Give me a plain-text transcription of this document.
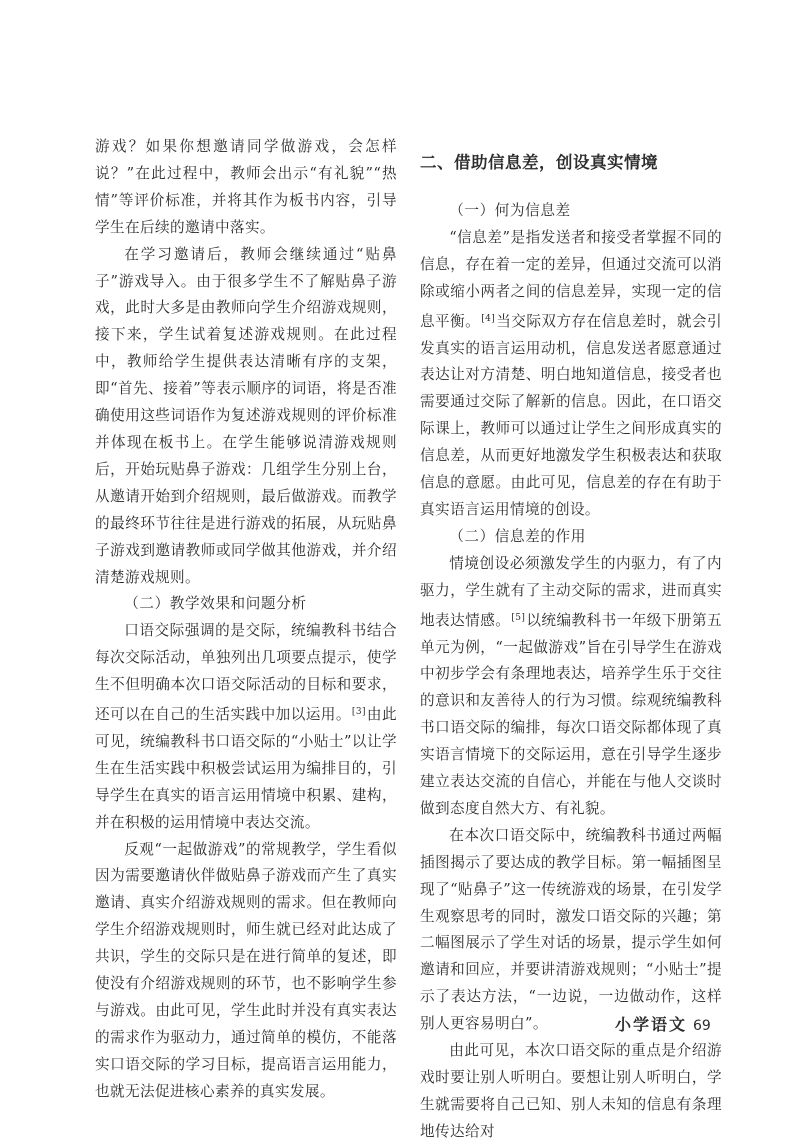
游戏？如果你想邀请同学做游戏，会怎样说？”在此过程中，教师会出示“有礼貌”“热情”等评价标准，并将其作为板书内容，引导学生在后续的邀请中落实。

在学习邀请后，教师会继续通过“贴鼻子”游戏导入。由于很多学生不了解贴鼻子游戏，此时大多是由教师向学生介绍游戏规则，接下来，学生试着复述游戏规则。在此过程中，教师给学生提供表达清晰有序的支架，即“首先、接着”等表示顺序的词语，将是否准确使用这些词语作为复述游戏规则的评价标准并体现在板书上。在学生能够说清游戏规则后，开始玩贴鼻子游戏：几组学生分别上台，从邀请开始到介绍规则，最后做游戏。而教学的最终环节往往是进行游戏的拓展，从玩贴鼻子游戏到邀请教师或同学做其他游戏，并介绍清楚游戏规则。

（二）教学效果和问题分析

口语交际强调的是交际，统编教科书结合每次交际活动，单独列出几项要点提示，使学生不但明确本次口语交际活动的目标和要求，还可以在自己的生活实践中加以运用。[3]由此可见，统编教科书口语交际的“小贴士”以让学生在生活实践中积极尝试运用为编排目的，引导学生在真实的语言运用情境中积累、建构，并在积极的运用情境中表达交流。

反观“一起做游戏”的常规教学，学生看似因为需要邀请伙伴做贴鼻子游戏而产生了真实邀请、真实介绍游戏规则的需求。但在教师向学生介绍游戏规则时，师生就已经对此达成了共识，学生的交际只是在进行简单的复述，即使没有介绍游戏规则的环节，也不影响学生参与游戏。由此可见，学生此时并没有真实表达的需求作为驱动力，通过简单的模仿，不能落实口语交际的学习目标，提高语言运用能力，也就无法促进核心素养的真实发展。

二、借助信息差，创设真实情境
（一）何为信息差

“信息差”是指发送者和接受者掌握不同的信息，存在着一定的差异，但通过交流可以消除或缩小两者之间的信息差异，实现一定的信息平衡。[4]当交际双方存在信息差时，就会引发真实的语言运用动机，信息发送者愿意通过表达让对方清楚、明白地知道信息，接受者也需要通过交际了解新的信息。因此，在口语交际课上，教师可以通过让学生之间形成真实的信息差，从而更好地激发学生积极表达和获取信息的意愿。由此可见，信息差的存在有助于真实语言运用情境的创设。

（二）信息差的作用

情境创设必须激发学生的内驱力，有了内驱力，学生就有了主动交际的需求，进而真实地表达情感。[5]以统编教科书一年级下册第五单元为例，“一起做游戏”旨在引导学生在游戏中初步学会有条理地表达，培养学生乐于交往的意识和友善待人的行为习惯。综观统编教科书口语交际的编排，每次口语交际都体现了真实语言情境下的交际运用，意在引导学生逐步建立表达交流的自信心，并能在与他人交谈时做到态度自然大方、有礼貌。

在本次口语交际中，统编教科书通过两幅插图揭示了要达成的教学目标。第一幅插图呈现了“贴鼻子”这一传统游戏的场景，在引发学生观察思考的同时，激发口语交际的兴趣；第二幅图展示了学生对话的场景，提示学生如何邀请和回应，并要讲清游戏规则；“小贴士”提示了表达方法，“一边说，一边做动作，这样别人更容易明白”。

由此可见，本次口语交际的重点是介绍游戏时要让别人听明白。要想让别人听明白，学生就需要将自己已知、别人未知的信息有条理地传达给对

小学语文 69
